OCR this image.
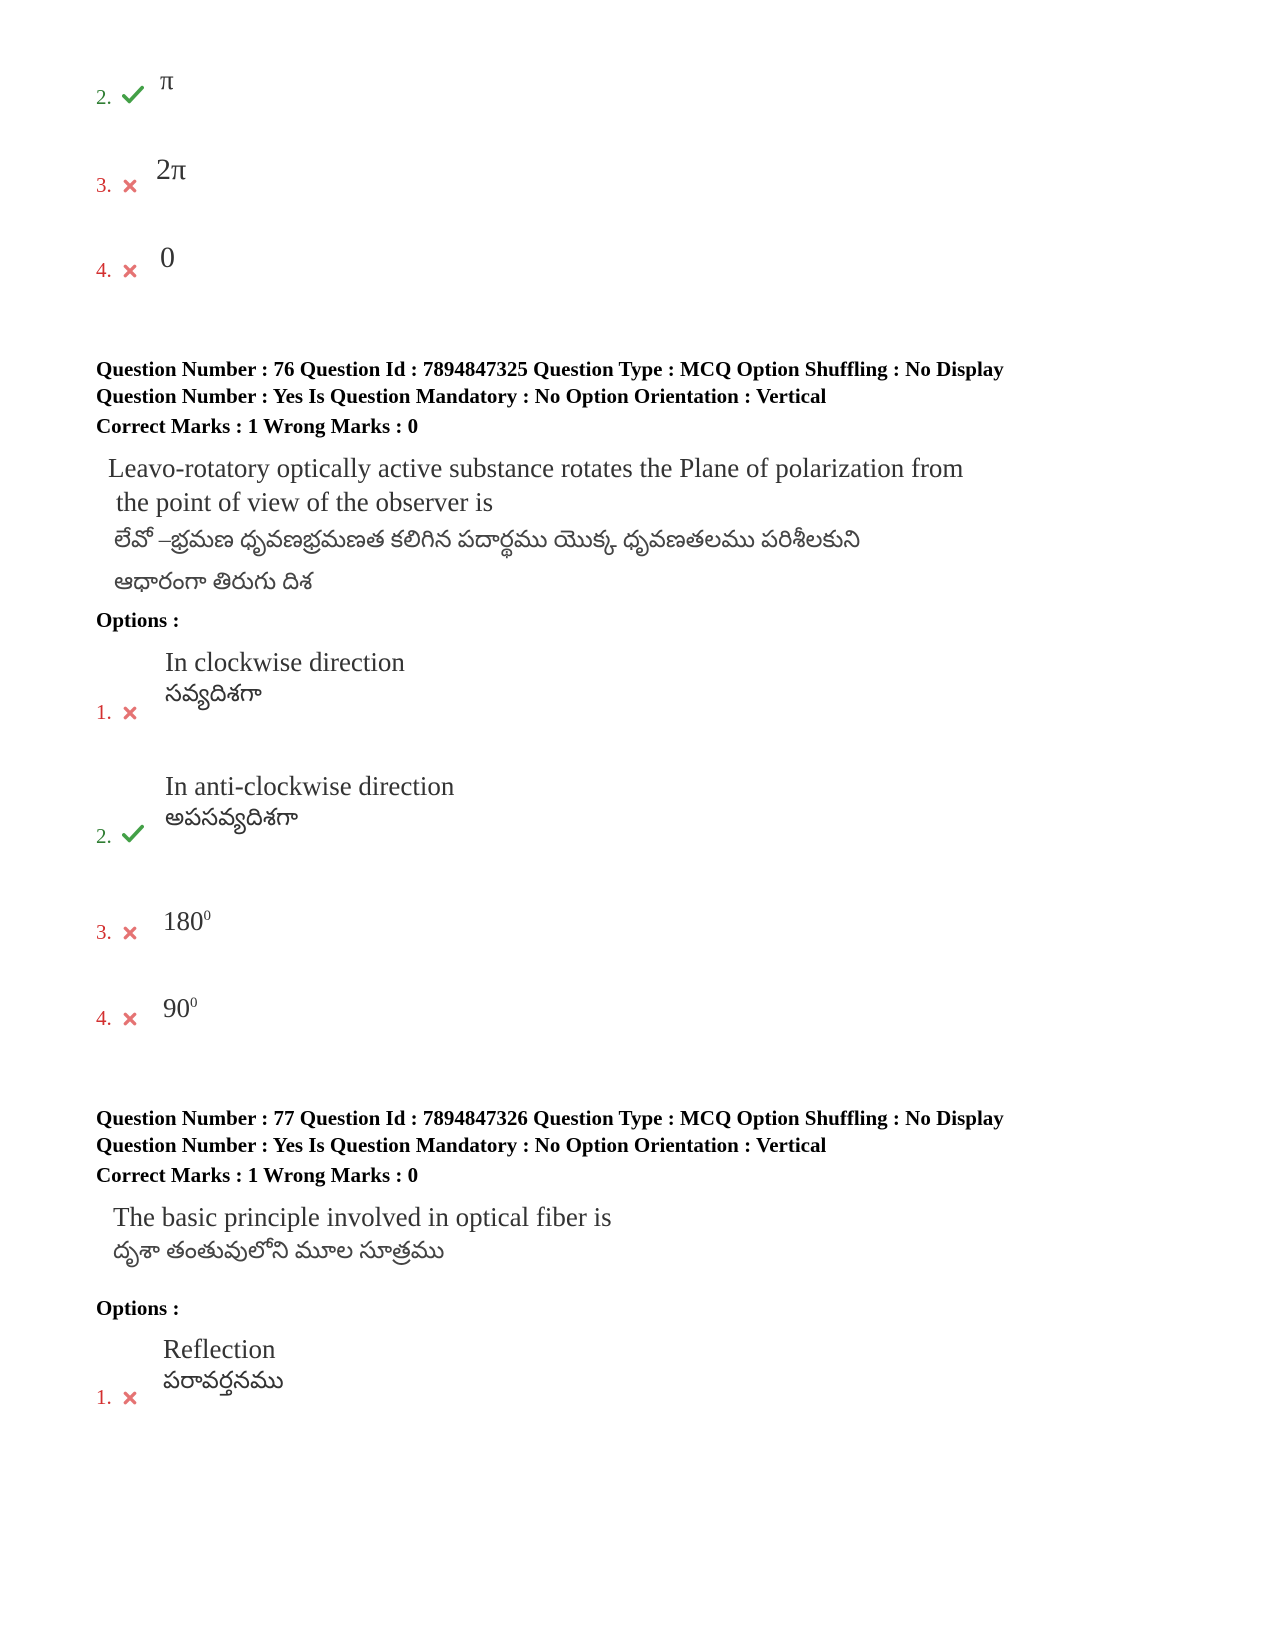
2.
π
3.	2π
4.	0
Question Number : 76 Question Id : 7894847325 Question Type : MCQ Option Shuffling : No Display
Question Number : Yes Is Question Mandatory : No Option Orientation : Vertical
Correct Marks : 1 Wrong Marks : 0
Leavo-rotatory optically active substance rotates the Plane of polarization from
the point of view of the observer is
లేవో –భ్రమణ ధృవణభ్రమణత కలిగిన పదార్థము యొక్క ధృవణతలము పరిశీలకుని
ఆధారంగా తిరుగు దిశ
Options :
1.
In clockwise direction
సవ్యదిశగా
2.
In anti-clockwise direction
అపసవ్యదిశగా
3.	$180^0$
4.	$90^0$
Question Number : 77 Question Id : 7894847326 Question Type : MCQ Option Shuffling : No Display
Question Number : Yes Is Question Mandatory : No Option Orientation : Vertical
Correct Marks : 1 Wrong Marks : 0
The basic principle involved in optical fiber is
దృశా తంతువులోని మూల సూత్రము
Options :
1.
Reflection
పరావర్తనము
